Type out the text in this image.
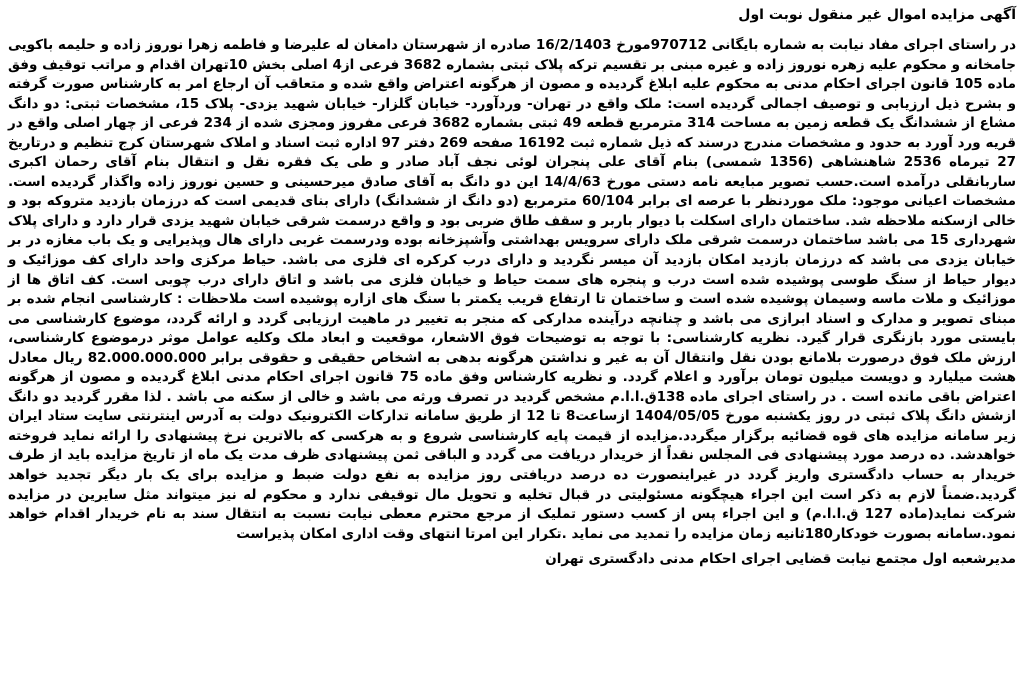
آگهی مزایده اموال غیر منقول نوبت اول

در راستای اجرای مفاد نیابت به شماره بایگانی 970712مورخ 16/2/1403 صادره از شهرستان دامغان له علیرضا و فاطمه زهرا نوروز زاده و حلیمه باکویی جامخانه و محکوم علیه زهره نوروز زاده و غیره مبنی بر تقسیم ترکه پلاک ثبتی بشماره 3682 فرعی از4 اصلی بخش 10تهران اقدام و مراتب توقیف وفق ماده 105 قانون اجرای احکام مدنی به محکوم علیه ابلاغ گردیده و مصون از هرگونه اعتراض واقع شده و متعاقب آن ارجاع امر به کارشناس صورت گرفته و بشرح ذیل ارزیابی و توصیف اجمالی گردیده است: ملک واقع در تهران- وردآورد- خیابان گلزار- خیابان شهید یزدی- پلاک 15، مشخصات ثبتی: دو دانگ مشاع از ششدانگ یک قطعه زمین به مساحت 314 مترمربع قطعه 49 ثبتی بشماره 3682 فرعی مفروز ومجزی شده از 234 فرعی از چهار اصلی واقع در قریه ورد آورد به حدود و مشخصات مندرج درسند که ذیل شماره ثبت 16192 صفحه 269 دفتر 97 اداره ثبت اسناد و املاک شهرستان کرج تنظیم و درتاریخ 27 تیرماه 2536 شاهنشاهی (1356 شمسی) بنام آقای علی پنجران لوئی نجف آباد صادر و طی یک فقره نقل و انتقال بنام آقای رحمان اکبری ساربانقلی درآمده است.حسب تصویر مبایعه نامه دستی مورخ 14/4/63 این دو دانگ به آقای صادق میرحسینی و حسین نوروز زاده واگذار گردیده است. مشخصات اعیانی موجود: ملک موردنظر با عرصه ای برابر 60/104 مترمربع (دو دانگ از ششدانگ) دارای بنای قدیمی است که درزمان بازدید متروکه بود و خالی ازسکنه ملاحظه شد. ساختمان دارای اسکلت با دیوار باربر و سقف طاق ضربی بود و واقع درسمت شرقی خیابان شهید یزدی قرار دارد و دارای پلاک شهرداری 15 می باشد ساختمان درسمت شرقی ملک دارای سرویس بهداشتی وآشپزخانه بوده ودرسمت غربی دارای هال وپذیرایی و یک باب مغازه در بر خیابان یزدی می باشد که درزمان بازدید امکان بازدید آن میسر نگردید و دارای درب کرکره ای فلزی می باشد. حیاط مرکزی واحد دارای کف موزائیک و دیوار حیاط از سنگ طوسی پوشیده شده است درب و پنجره های سمت حیاط و خیابان فلزی می باشد و اتاق دارای درب چوبی است. کف اتاق ها از موزائیک و ملات ماسه وسیمان پوشیده شده است و ساختمان تا ارتفاع قریب یکمتر با سنگ های ازاره پوشیده است ملاحظات : کارشناسی انجام شده بر مبنای تصویر و مدارک و اسناد ابرازی می باشد و چنانچه درآینده مدارکی که منجر به تغییر در ماهیت ارزیابی گردد و ارائه گردد، موضوع کارشناسی می بایستی مورد بازنگری قرار گیرد. نظریه کارشناسی: با توجه به توضیحات فوق الاشعار، موقعیت و ابعاد ملک وکلیه عوامل موثر درموضوع کارشناسی، ارزش ملک فوق درصورت بلامانع بودن نقل وانتقال آن به غیر و نداشتن هرگونه بدهی به اشخاص حقیقی و حقوقی برابر 82.000.000.000 ریال معادل هشت میلیارد و دویست میلیون تومان برآورد و اعلام گردد. و نظریه کارشناس وفق ماده 75 قانون اجرای احکام مدنی ابلاغ گردیده و مصون از هرگونه اعتراض باقی مانده است . در راستای اجرای ماده 138ق.ا.ا.م مشخص گردید در تصرف ورثه می باشد و خالی از سکنه می باشد . لذا مقرر گردید دو دانگ ازشش دانگ پلاک ثبتی در روز یکشنبه مورخ 1404/05/05 ازساعت8 تا 12 از طریق سامانه تدارکات الکترونیک دولت به آدرس اینترنتی سایت ستاد ایران زیر سامانه مزایده های قوه قضائیه برگزار میگردد.مزایده از قیمت پایه کارشناسی شروع و به هرکسی که بالاترین نرخ پیشنهادی را ارائه نماید فروخته خواهدشد. ده درصد مورد پیشنهادی فی المجلس نقداً از خریدار دریافت می گردد و الباقی ثمن پیشنهادی ظرف مدت یک ماه از تاریخ مزایده باید از طرف خریدار به حساب دادگستری واریز گردد در غیراینصورت ده درصد دریافتی روز مزایده به نفع دولت ضبط و مزایده برای یک بار دیگر تجدید خواهد گردید.ضمناً لازم به ذکر است این اجراء هیچگونه مسئولیتی در قبال تخلیه و تحویل مال توقیفی ندارد و محکوم له نیز میتواند مثل سایرین در مزایده شرکت نماید(ماده 127 ق.ا.ا.م) و این اجراء پس از کسب دستور تملیک از مرجع محترم معطی نیابت نسبت به انتقال سند به نام خریدار اقدام خواهد نمود.سامانه بصورت خودکار180ثانیه زمان مزایده را تمدید می نماید .تکرار این امرتا انتهای وقت اداری امکان پذیراست

مدیرشعبه اول مجتمع نیابت قضایی اجرای احکام مدنی دادگستری تهران
